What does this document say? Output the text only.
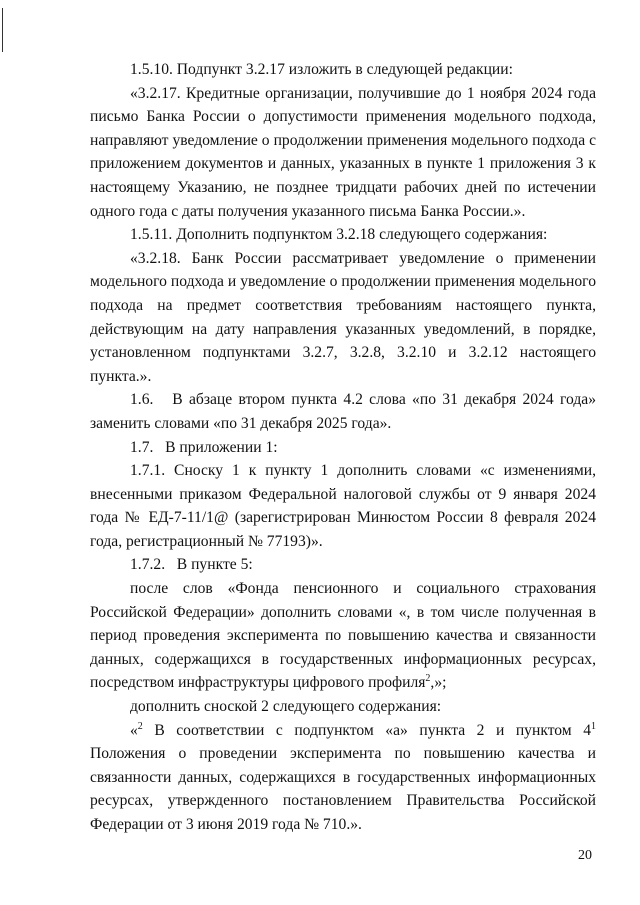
1.5.10. Подпункт 3.2.17 изложить в следующей редакции:

«3.2.17. Кредитные организации, получившие до 1 ноября 2024 года письмо Банка России о допустимости применения модельного подхода, направляют уведомление о продолжении применения модельного подхода с приложением документов и данных, указанных в пункте 1 приложения 3 к настоящему Указанию, не позднее тридцати рабочих дней по истечении одного года с даты получения указанного письма Банка России.».

1.5.11. Дополнить подпунктом 3.2.18 следующего содержания:

«3.2.18. Банк России рассматривает уведомление о применении модельного подхода и уведомление о продолжении применения модельного подхода на предмет соответствия требованиям настоящего пункта, действующим на дату направления указанных уведомлений, в порядке, установленном подпунктами 3.2.7, 3.2.8, 3.2.10 и 3.2.12 настоящего пункта.».

1.6.   В абзаце втором пункта 4.2 слова «по 31 декабря 2024 года» заменить словами «по 31 декабря 2025 года».

1.7.   В приложении 1:

1.7.1. Сноску 1 к пункту 1 дополнить словами «с изменениями, внесенными приказом Федеральной налоговой службы от 9 января 2024 года № ЕД-7-11/1@ (зарегистрирован Минюстом России 8 февраля 2024 года, регистрационный № 77193)».

1.7.2.   В пункте 5:

после слов «Фонда пенсионного и социального страхования Российской Федерации» дополнить словами «, в том числе полученная в период проведения эксперимента по повышению качества и связанности данных, содержащихся в государственных информационных ресурсах, посредством инфраструктуры цифрового профиля$^2$,»;

дополнить сноской 2 следующего содержания:

«$^2$ В соответствии с подпунктом «а» пункта 2 и пунктом $4^1$ Положения о проведении эксперимента по повышению качества и связанности данных, содержащихся в государственных информационных ресурсах, утвержденного постановлением Правительства Российской Федерации от 3 июня 2019 года № 710.».

20
